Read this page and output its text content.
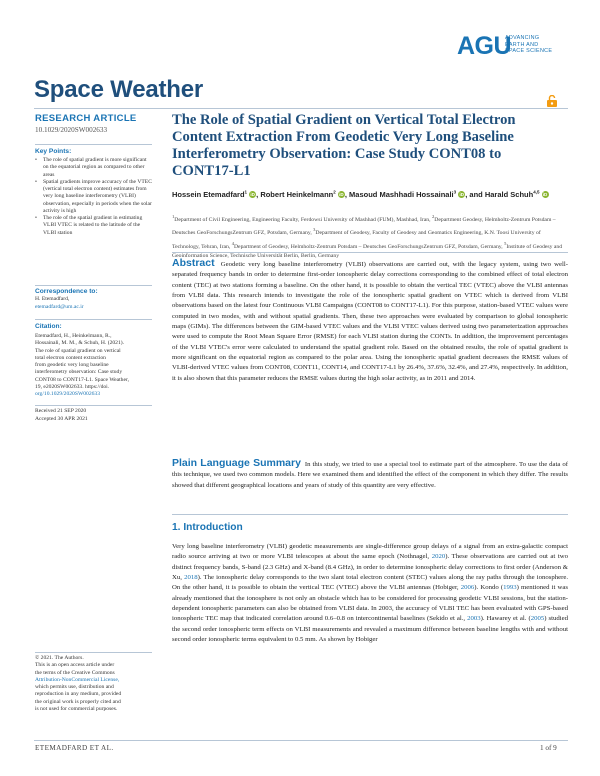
AGU
ADVANCING
EARTH AND
SPACE SCIENCE
Space Weather
RESEARCH ARTICLE
10.1029/2020SW002633
Key Points:
• The role of spatial gradient is more significant on the equatorial region as compared to other areas
• Spatial gradients improve accuracy of the VTEC (vertical total electron content) estimates from very long baseline interferometry (VLBI) observation, especially in periods when the solar activity is high
• The role of the spatial gradient in estimating VLBI VTEC is related to the latitude of the VLBI station
Correspondence to:
H. Etemadfard,
etemadfard@um.ac.ir
Citation:
Etemadfard, H., Heinkelmann, R.,
Hossainali, M. M., & Schuh, H. (2021).
The role of spatial gradient on vertical
total electron content extraction
from geodetic very long baseline
interferometry observation: Case study
CONT08 to CONT17-L1. Space Weather,
19, e2020SW002633. https://doi.
org/10.1029/2020SW002633
Received 21 SEP 2020
Accepted 30 APR 2021
© 2021. The Authors.
This is an open access article under
the terms of the Creative Commons
Attribution-NonCommercial License,
which permits use, distribution and
reproduction in any medium, provided
the original work is properly cited and
is not used for commercial purposes.
The Role of Spatial Gradient on Vertical Total Electron Content Extraction From Geodetic Very Long Baseline Interferometry Observation: Case Study CONT08 to CONT17-L1
Hossein Etemadfard$^1$ iD, Robert Heinkelmann$^2$ iD, Masoud Mashhadi Hossainali$^3$ iD, and Harald Schuh$^{4,5}$ iD
$^1$Department of Civil Engineering, Engineering Faculty, Ferdowsi University of Mashhad (FUM), Mashhad, Iran, $^2$Department Geodesy, Helmholtz-Zentrum Potsdam – Deutsches GeoForschungsZentrum GFZ, Potsdam, Germany, $^3$Department of Geodesy, Faculty of Geodesy and Geomatics Engineering, K.N. Toosi University of Technology, Tehran, Iran, $^4$Department of Geodesy, Helmholtz-Zentrum Potsdam – Deutsches GeoForschungsZentrum GFZ, Potsdam, Germany, $^5$Institute of Geodesy and Geoinformation Science, Technische Universität Berlin, Berlin, Germany
Abstract Geodetic very long baseline interferometry (VLBI) observations are carried out, with the legacy system, using two well-separated frequency bands in order to determine first-order ionospheric delay corrections corresponding to the combined effect of total electron content (TEC) at two stations forming a baseline. On the other hand, it is possible to obtain the vertical TEC (VTEC) above the VLBI antennas from VLBI data. This research intends to investigate the role of the ionospheric spatial gradient on VTEC which is derived from VLBI observations based on the latest four Continuous VLBI Campaigns (CONT08 to CONT17-L1). For this purpose, station-based VTEC values were computed in two modes, with and without spatial gradients. Then, these two approaches were evaluated by comparison to global ionospheric maps (GIMs). The differences between the GIM-based VTEC values and the VLBI VTEC values derived using two parameterization approaches were used to compute the Root Mean Square Error (RMSE) for each VLBI station during the CONTs. In addition, the improvement percentages of the VLBI VTEC's error were calculated to understand the spatial gradient role. Based on the obtained results, the role of spatial gradient is more significant on the equatorial region as compared to the polar area. Using the ionospheric spatial gradient decreases the RMSE values of VLBI-derived VTEC values from CONT08, CONT11, CONT14, and CONT17-L1 by 26.4%, 37.6%, 32.4%, and 27.4%, respectively. In addition, it is also shown that this parameter reduces the RMSE values during the high solar activity, as in 2011 and 2014.
Plain Language Summary In this study, we tried to use a special tool to estimate part of the atmosphere. To use the data of this technique, we used two common models. Here we examined them and identified the effect of the component in which they differ. The results showed that different geographical locations and years of study of this quantity are very effective.
1. Introduction
Very long baseline interferometry (VLBI) geodetic measurements are single-difference group delays of a signal from an extra-galactic compact radio source arriving at two or more VLBI telescopes at about the same epoch (Nothnagel, 2020). These observations are carried out at two distinct frequency bands, S-band (2.3 GHz) and X-band (8.4 GHz), in order to determine ionospheric delay corrections to first order (Anderson & Xu, 2018). The ionospheric delay corresponds to the two slant total electron content (STEC) values along the ray paths through the ionosphere. On the other hand, it is possible to obtain the vertical TEC (VTEC) above the VLBI antennas (Hobiger, 2006). Kondo (1993) mentioned it was already mentioned that the ionosphere is not only an obstacle which has to be considered for processing geodetic VLBI sessions, but the station-dependent ionospheric parameters can also be obtained from VLBI data. In 2003, the accuracy of VLBI TEC has been evaluated with GPS-based ionospheric TEC map that indicated correlation around 0.6–0.8 on intercontinental baselines (Sekido et al., 2003). Hawarey et al. (2005) studied the second order ionospheric term effects on VLBI measurements and revealed a maximum difference between baseline lengths with and without second order ionospheric terms equivalent to 0.5 mm. As shown by Hobiger
ETEMADFARD ET AL.	1 of 9
